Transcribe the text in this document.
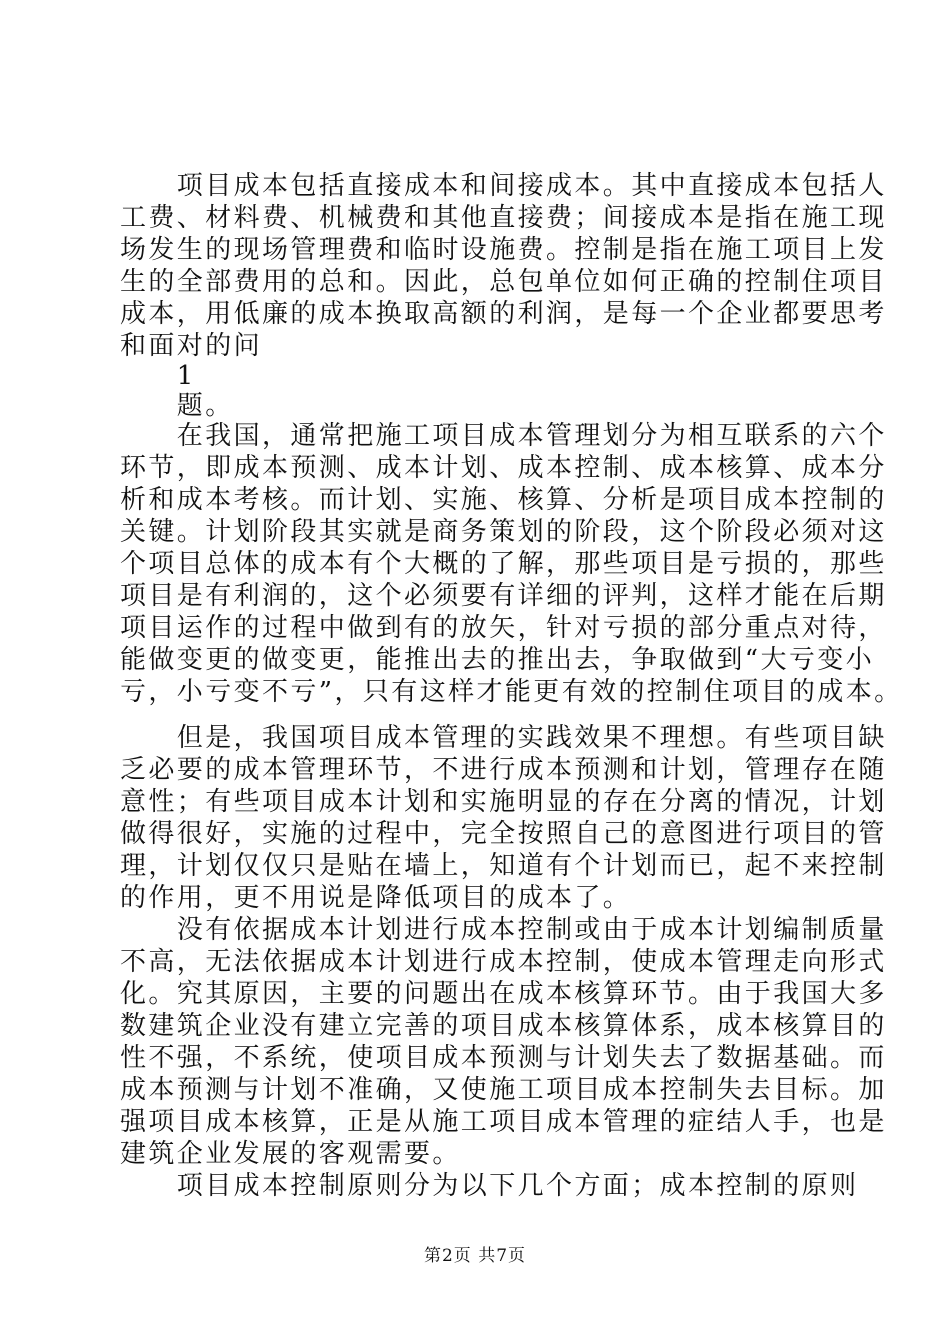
　　项目成本包括直接成本和间接成本。其中直接成本包括人
工费、材料费、机械费和其他直接费；间接成本是指在施工现
场发生的现场管理费和临时设施费。控制是指在施工项目上发
生的全部费用的总和。因此，总包单位如何正确的控制住项目
成本，用低廉的成本换取高额的利润，是每一个企业都要思考
和面对的问
　　1
　　题。
　　在我国，通常把施工项目成本管理划分为相互联系的六个
环节，即成本预测、成本计划、成本控制、成本核算、成本分
析和成本考核。而计划、实施、核算、分析是项目成本控制的
关键。计划阶段其实就是商务策划的阶段，这个阶段必须对这
个项目总体的成本有个大概的了解，那些项目是亏损的，那些
项目是有利润的，这个必须要有详细的评判，这样才能在后期
项目运作的过程中做到有的放矢，针对亏损的部分重点对待，
能做变更的做变更，能推出去的推出去，争取做到“大亏变小
亏，小亏变不亏”，只有这样才能更有效的控制住项目的成本。
　　但是，我国项目成本管理的实践效果不理想。有些项目缺
乏必要的成本管理环节，不进行成本预测和计划，管理存在随
意性；有些项目成本计划和实施明显的存在分离的情况，计划
做得很好，实施的过程中，完全按照自己的意图进行项目的管
理，计划仅仅只是贴在墙上，知道有个计划而已，起不来控制
的作用，更不用说是降低项目的成本了。
　　没有依据成本计划进行成本控制或由于成本计划编制质量
不高，无法依据成本计划进行成本控制，使成本管理走向形式
化。究其原因，主要的问题出在成本核算环节。由于我国大多
数建筑企业没有建立完善的项目成本核算体系，成本核算目的
性不强，不系统，使项目成本预测与计划失去了数据基础。而
成本预测与计划不准确，又使施工项目成本控制失去目标。加
强项目成本核算，正是从施工项目成本管理的症结人手，也是
建筑企业发展的客观需要。
　　项目成本控制原则分为以下几个方面；成本控制的原则
第2页 共7页
